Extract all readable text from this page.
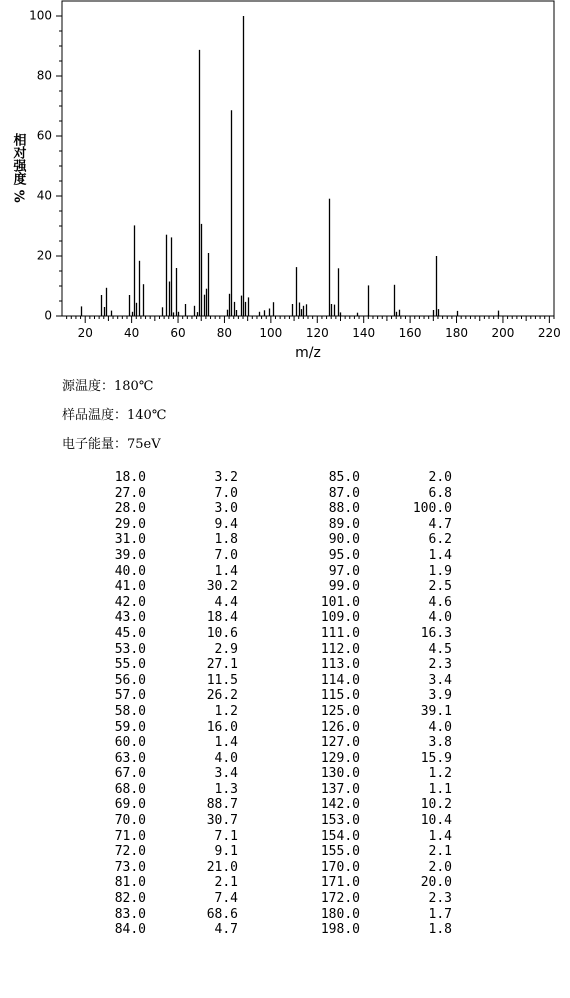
0
20
40
60
80
100
20	40	60	80 100 120 140 160 180 200 220
相对强度 %
m/z
源温度：180℃
样品温度：140℃
电子能量：75eV
18.0	3.2	85.0	2.0
27.0	7.0	87.0	6.8
28.0	3.0	88.0	100.0
29.0	9.4	89.0	4.7
31.0	1.8	90.0	6.2
39.0	7.0	95.0	1.4
40.0	1.4	97.0	1.9
41.0	30.2	99.0	2.5
42.0	4.4	101.0	4.6
43.0	18.4	109.0	4.0
45.0	10.6	111.0	16.3
53.0	2.9	112.0	4.5
55.0	27.1	113.0	2.3
56.0	11.5	114.0	3.4
57.0	26.2	115.0	3.9
58.0	1.2	125.0	39.1
59.0	16.0	126.0	4.0
60.0	1.4	127.0	3.8
63.0	4.0	129.0	15.9
67.0	3.4	130.0	1.2
68.0	1.3	137.0	1.1
69.0	88.7	142.0	10.2
70.0	30.7	153.0	10.4
71.0	7.1	154.0	1.4
72.0	9.1	155.0	2.1
73.0	21.0	170.0	2.0
81.0	2.1	171.0	20.0
82.0	7.4	172.0	2.3
83.0	68.6	180.0	1.7
84.0	4.7	198.0	1.8
